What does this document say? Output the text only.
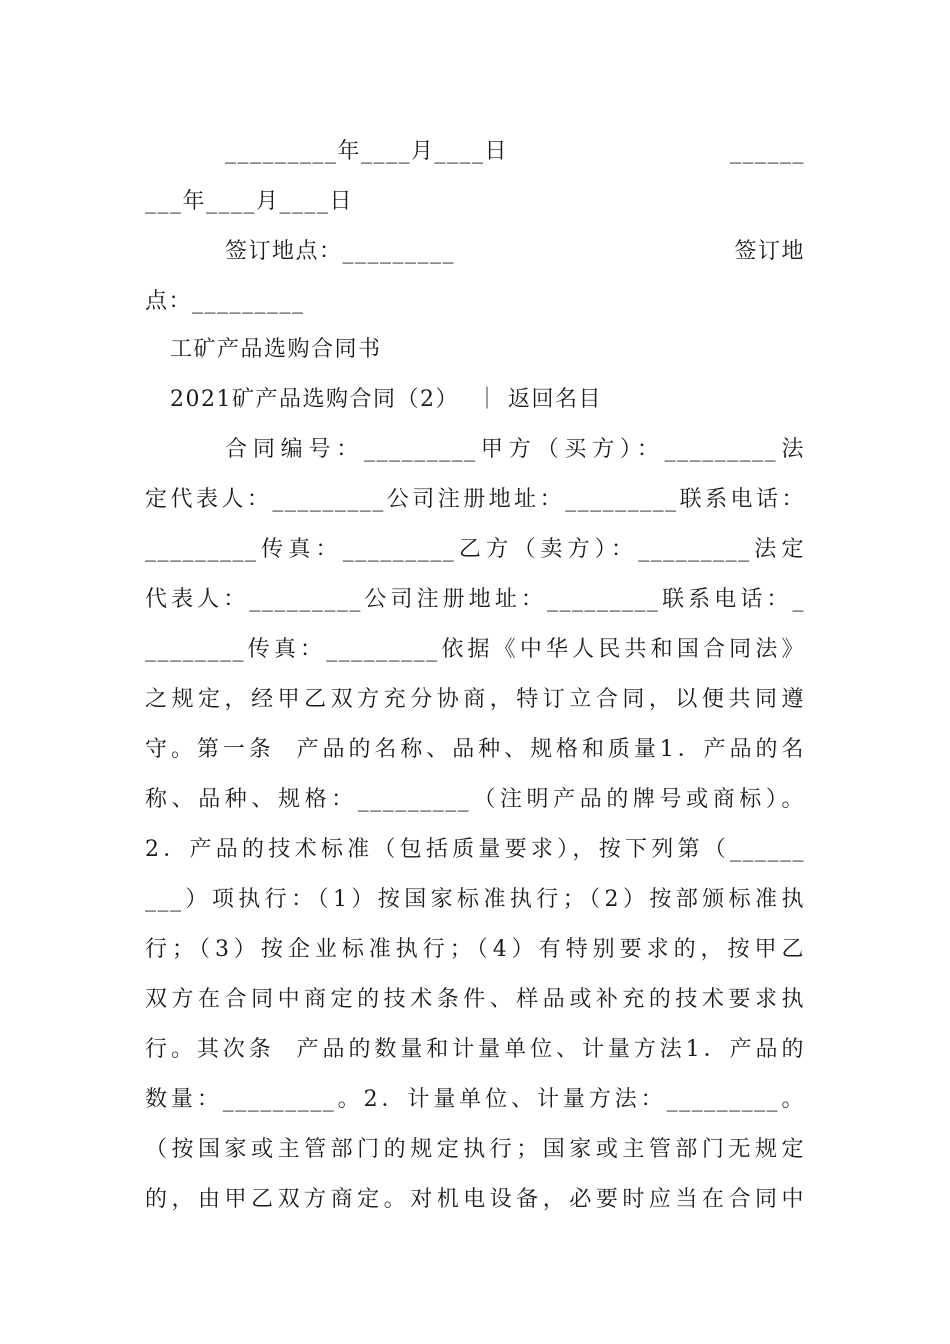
_________年____月____日	______
___年____月____日
签订地点：_________	签订地
点：_________
工矿产品选购合同书
2021矿产品选购合同（2）  ｜ 返回名目
合同编号：_________甲方（买方）：_________法
定代表人：_________公司注册地址：_________联系电话：
_________传真：_________乙方（卖方）：_________法定
代表人：_________公司注册地址：_________联系电话：_
________传真：_________依据《中华人民共和国合同法》
之规定，经甲乙双方充分协商，特订立合同，以便共同遵
守。第一条  产品的名称、品种、规格和质量1．产品的名
称、品种、规格：_________（注明产品的牌号或商标）。
2．产品的技术标准（包括质量要求），按下列第（______
___）项执行：（1）按国家标准执行；（2）按部颁标准执
行；（3）按企业标准执行；（4）有特别要求的，按甲乙
双方在合同中商定的技术条件、样品或补充的技术要求执
行。其次条  产品的数量和计量单位、计量方法1．产品的
数量：_________。2．计量单位、计量方法：_________。
（按国家或主管部门的规定执行；国家或主管部门无规定
的，由甲乙双方商定。对机电设备，必要时应当在合同中
